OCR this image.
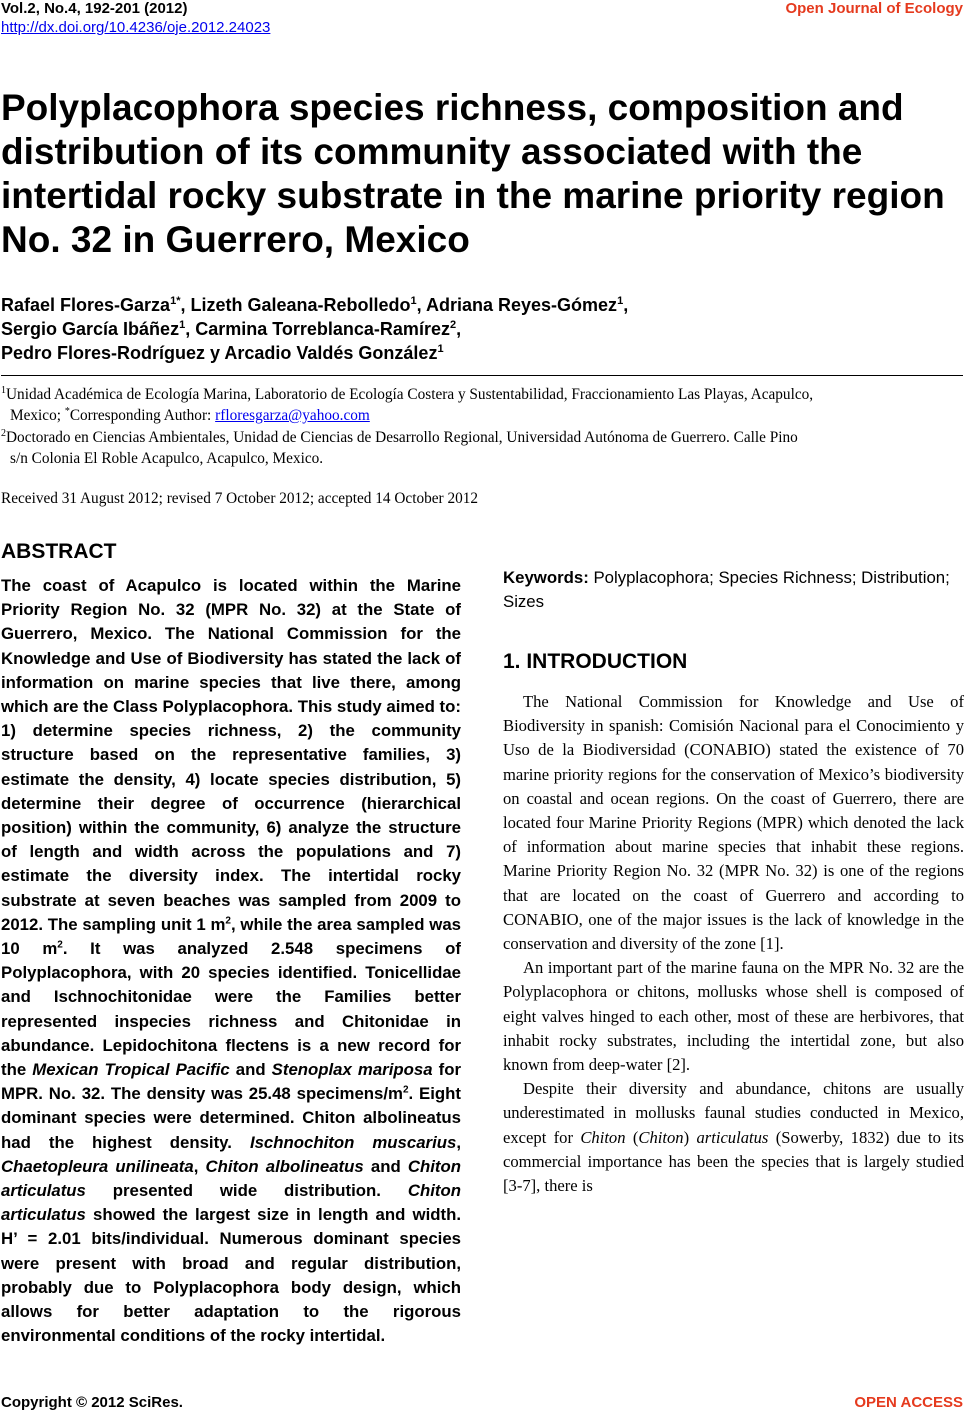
Vol.2, No.4, 192-201 (2012)
http://dx.doi.org/10.4236/oje.2012.24023
Open Journal of Ecology
Polyplacophora species richness, composition and distribution of its community associated with the intertidal rocky substrate in the marine priority region No. 32 in Guerrero, Mexico
Rafael Flores-Garza$^{1*}$, Lizeth Galeana-Rebolledo$^1$, Adriana Reyes-Gómez$^1$,
Sergio García Ibáñez$^1$, Carmina Torreblanca-Ramírez$^2$,
Pedro Flores-Rodríguez y Arcadio Valdés González$^1$
$^1$Unidad Académica de Ecología Marina, Laboratorio de Ecología Costera y Sustentabilidad, Fraccionamiento Las Playas, Acapulco,
Mexico; *Corresponding Author: rfloresgarza@yahoo.com
$^2$Doctorado en Ciencias Ambientales, Unidad de Ciencias de Desarrollo Regional, Universidad Autónoma de Guerrero. Calle Pino
s/n Colonia El Roble Acapulco, Acapulco, Mexico.
Received 31 August 2012; revised 7 October 2012; accepted 14 October 2012
ABSTRACT
The coast of Acapulco is located within the Marine Priority Region No. 32 (MPR No. 32) at the State of Guerrero, Mexico. The National Commission for the Knowledge and Use of Biodiversity has stated the lack of information on marine species that live there, among which are the Class Polyplacophora. This study aimed to: 1) determine species richness, 2) the community structure based on the representative families, 3) estimate the density, 4) locate species distribution, 5) determine their degree of occurrence (hierarchical position) within the community, 6) analyze the structure of length and width across the populations and 7) estimate the diversity index. The intertidal rocky substrate at seven beaches was sampled from 2009 to 2012. The sampling unit 1 $m^2$, while the area sampled was 10 $m^2$. It was analyzed 2.548 specimens of Polyplacophora, with 20 species identified. Tonicellidae and Ischnochitonidae were the Families better represented inspecies richness and Chitonidae in abundance. Lepidochitona flectens is a new record for the Mexican Tropical Pacific and Stenoplax mariposa for MPR. No. 32. The density was 25.48 specimens/$m^2$. Eight dominant species were determined. Chiton albolineatus had the highest density. Ischnochiton muscarius, Chaetopleura unilineata, Chiton albolineatus and Chiton articulatus presented wide distribution. Chiton articulatus showed the largest size in length and width. H’ = 2.01 bits/individual. Numerous dominant species were present with broad and regular distribution, probably due to Polyplacophora body design, which allows for better adaptation to the rigorous environmental conditions of the rocky intertidal.
Keywords: Polyplacophora; Species Richness; Distribution; Sizes
1. INTRODUCTION

The National Commission for Knowledge and Use of Biodiversity in spanish: Comisión Nacional para el Conocimiento y Uso de la Biodiversidad (CONABIO) stated the existence of 70 marine priority regions for the conservation of Mexico’s biodiversity on coastal and ocean regions. On the coast of Guerrero, there are located four Marine Priority Regions (MPR) which denoted the lack of information about marine species that inhabit these regions. Marine Priority Region No. 32 (MPR No. 32) is one of the regions that are located on the coast of Guerrero and according to CONABIO, one of the major issues is the lack of knowledge in the conservation and diversity of the zone [1].

An important part of the marine fauna on the MPR No. 32 are the Polyplacophora or chitons, mollusks whose shell is composed of eight valves hinged to each other, most of these are herbivores, that inhabit rocky substrates, including the intertidal zone, but also known from deep-water [2].

Despite their diversity and abundance, chitons are usually underestimated in mollusks faunal studies conducted in Mexico, except for Chiton (Chiton) articulatus (Sowerby, 1832) due to its commercial importance has been the species that is largely studied [3-7], there is

Copyright © 2012 SciRes.	OPEN ACCESS
